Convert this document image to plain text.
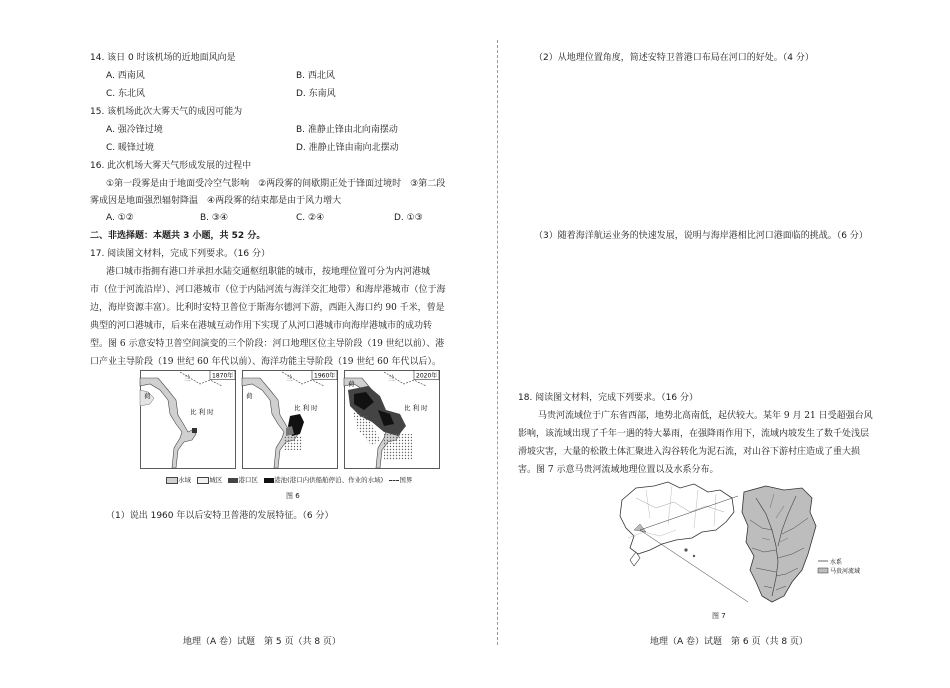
14. 该日 0 时该机场的近地面风向是
A. 西南风	B. 西北风
C. 东北风	D. 东南风
15. 该机场此次大雾天气的成因可能为
A. 强冷锋过境	B. 准静止锋由北向南摆动
C. 暖锋过境	D. 准静止锋由南向北摆动
16. 此次机场大雾天气形成发展的过程中
①第一段雾是由于地面受冷空气影响　②两段雾的间歇期正处于锋面过境时　③第二段
雾成因是地面强烈辐射降温　④两段雾的结束都是由于风力增大
A. ①②	B. ③④	C. ②④	D. ①③
二、非选择题：本题共 3 小题，共 52 分。
17. 阅读图文材料，完成下列要求。（16 分）
港口城市指拥有港口并承担水陆交通枢纽职能的城市，按地理位置可分为内河港城
市（位于河流沿岸）、河口港城市（位于内陆河流与海洋交汇地带）和海岸港城市（位于海
边，海岸资源丰富）。比利时安特卫普位于斯海尔德河下游，西距入海口约 90 千米，曾是
典型的河口港城市，后来在港城互动作用下实现了从河口港城市向海岸港城市的成功转
型。图 6 示意安特卫普空间演变的三个阶段：河口地理区位主导阶段（19 世纪以前）、港
口产业主导阶段（19 世纪 60 年代以前）、海洋功能主导阶段（19 世纪 60 年代以后）。
1870年
比 利 时
荷
兰	1960年
比 利 时
荷
兰	2020年
比 利 时
荷
兰
水域	城区 港口区 港池(港口内供船舶停泊、作业的水域) 国界
图 6
（1）说出 1960 年以后安特卫普港的发展特征。（6 分）
地理（A 卷）试题　第 5 页（共 8 页）
（2）从地理位置角度，简述安特卫普港口布局在河口的好处。（4 分）
（3）随着海洋航运业务的快速发展，说明与海岸港相比河口港面临的挑战。（6 分）
18. 阅读图文材料，完成下列要求。（16 分）
马贵河流域位于广东省西部，地势北高南低，起伏较大。某年 9 月 21 日受超强台风
影响，该流域出现了千年一遇的特大暴雨，在强降雨作用下，流域内坡发生了数千处浅层
滑坡灾害，大量的松散土体汇聚进入沟谷转化为泥石流，对山谷下游村庄造成了重大损
害。图 7 示意马贵河流域地理位置以及水系分布。
水系
马贵河流域
图 7
地理（A 卷）试题　第 6 页（共 8 页）
